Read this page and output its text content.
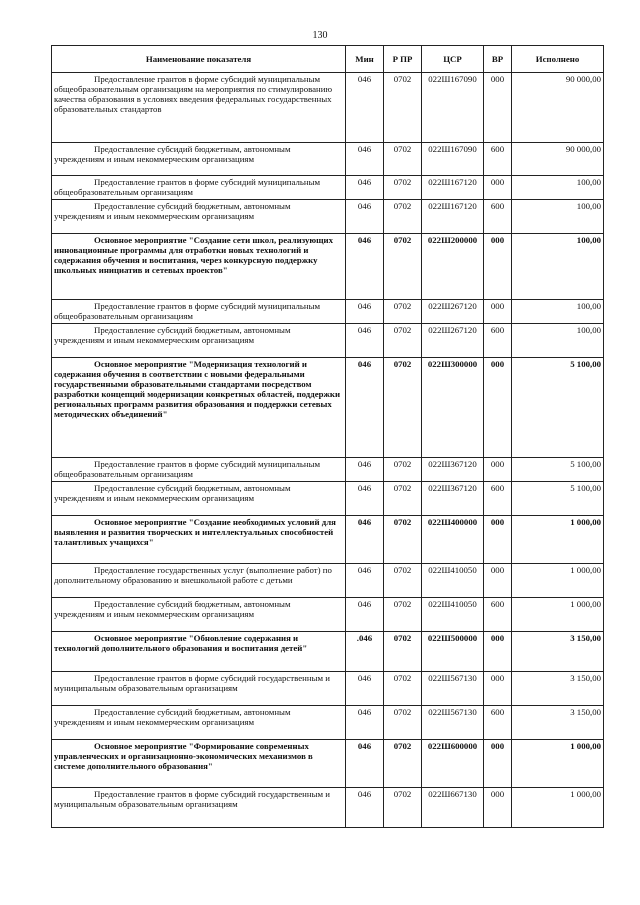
130
Наименование показателя	Мин	Р ПР	ЦСР	ВР	Исполнено
Предоставление грантов в форме субсидий муниципальным общеобразовательным организациям на мероприятия по стимулированию качества образования в условиях введения федеральных государственных образовательных стандартов	046	0702	022Ш167090	000	90 000,00
Предоставление субсидий бюджетным, автономным учреждениям и иным некоммерческим организациям	046	0702	022Ш167090	600	90 000,00
Предоставление грантов в форме субсидий муниципальным общеобразовательным организациям	046	0702	022Ш167120	000	100,00
Предоставление субсидий бюджетным, автономным учреждениям и иным некоммерческим организациям	046	0702	022Ш167120	600	100,00
Основное мероприятие "Создание сети школ, реализующих инновационные программы для отработки новых технологий и содержания обучения и воспитания, через конкурсную поддержку школьных инициатив и сетевых проектов"	046	0702	022Ш200000	000	100,00
Предоставление грантов в форме субсидий муниципальным общеобразовательным организациям	046	0702	022Ш267120	000	100,00
Предоставление субсидий бюджетным, автономным учреждениям и иным некоммерческим организациям	046	0702	022Ш267120	600	100,00
Основное мероприятие "Модернизация технологий и содержания обучения в соответствии с новыми федеральными государственными образовательными стандартами посредством разработки концепций модернизации конкретных областей, поддержки региональных программ развития образования и поддержки сетевых методических объединений"	046	0702	022Ш300000	000	5 100,00
Предоставление грантов в форме субсидий муниципальным общеобразовательным организациям	046	0702	022Ш367120	000	5 100,00
Предоставление субсидий бюджетным, автономным учреждениям и иным некоммерческим организациям	046	0702	022Ш367120	600	5 100,00
Основное мероприятие "Создание необходимых условий для выявления и развития творческих и интеллектуальных способностей талантливых учащихся"	046	0702	022Ш400000	000	1 000,00
Предоставление государственных услуг (выполнение работ) по дополнительному образованию и внешкольной работе с детьми	046	0702	022Ш410050	000	1 000,00
Предоставление субсидий бюджетным, автономным учреждениям и иным некоммерческим организациям	046	0702	022Ш410050	600	1 000,00
Основное мероприятие "Обновление содержания и технологий дополнительного образования и воспитания детей"	.046	0702	022Ш500000	000	3 150,00
Предоставление грантов в форме субсидий государственным и муниципальным образовательным организациям	046	0702	022Ш567130	000	3 150,00
Предоставление субсидий бюджетным, автономным учреждениям и иным некоммерческим организациям	046	0702	022Ш567130	600	3 150,00
Основное мероприятие "Формирование современных управленческих и организационно-экономических механизмов в системе дополнительного образования"	046	0702	022Ш600000	000	1 000,00
Предоставление грантов в форме субсидий государственным и муниципальным образовательным организациям	046	0702	022Ш667130	000	1 000,00
